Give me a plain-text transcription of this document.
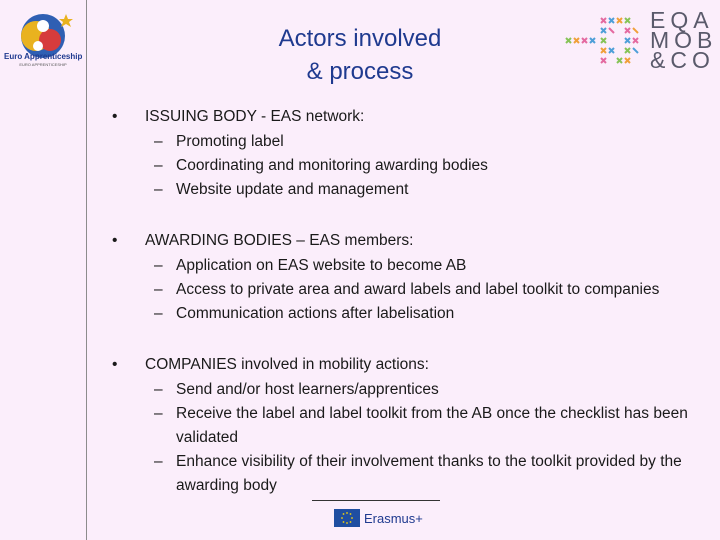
Euro Apprenticeship
EURO APPRENTICESHIP
Actors involved
& process
EQA
MOB
&CO
•	ISSUING BODY - EAS network:
– Promoting label
– Coordinating and monitoring awarding bodies
– Website update and management
•	AWARDING BODIES – EAS members:
– Application on EAS website to become AB
– Access to private area and award labels and label toolkit to companies
– Communication actions after labelisation
•	COMPANIES involved in mobility actions:
– Send and/or host learners/apprentices
– Receive the label and label toolkit from the AB once the checklist has been validated
– Enhance visibility of their involvement thanks to the toolkit provided by the awarding body
Erasmus+
